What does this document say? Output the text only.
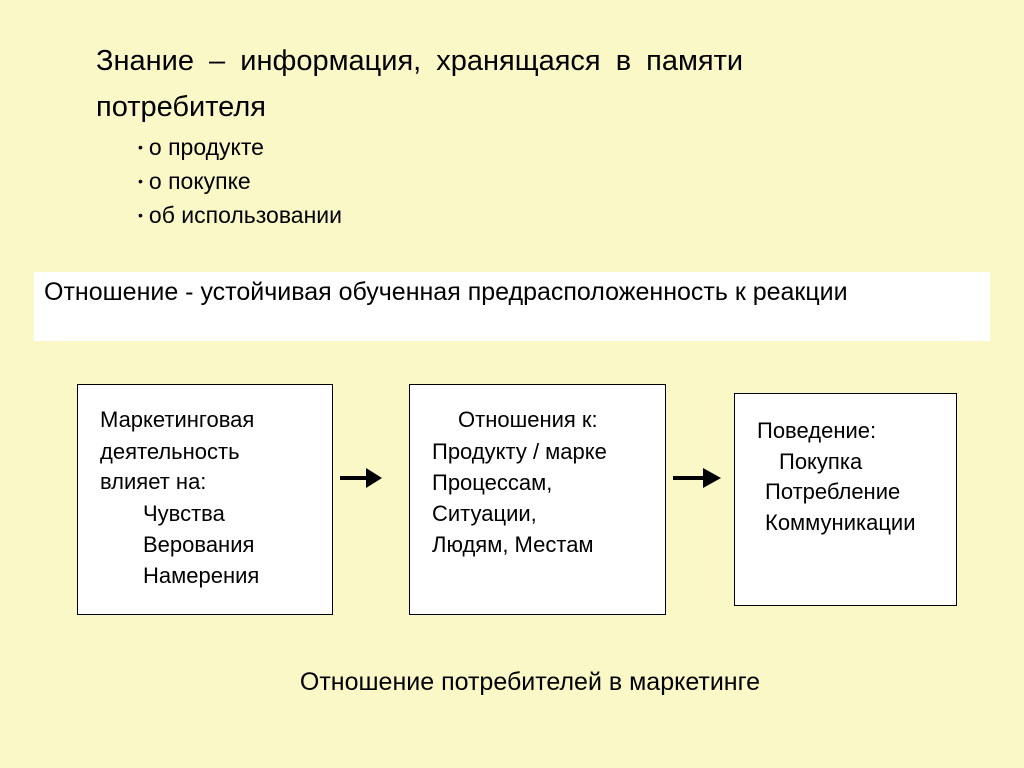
Знание – информация, хранящаяся в памяти
потребителя
• о продукте
• о покупке
• об использовании
Отношение - устойчивая обученная предрасположенность к реакции
Маркетинговая
деятельность
влияет на:
Чувства
Верования
Намерения
Отношения к:
Продукту / марке
Процессам,
Ситуации,
Людям, Местам
Поведение:
Покупка
Потребление
Коммуникации
Отношение потребителей в маркетинге
